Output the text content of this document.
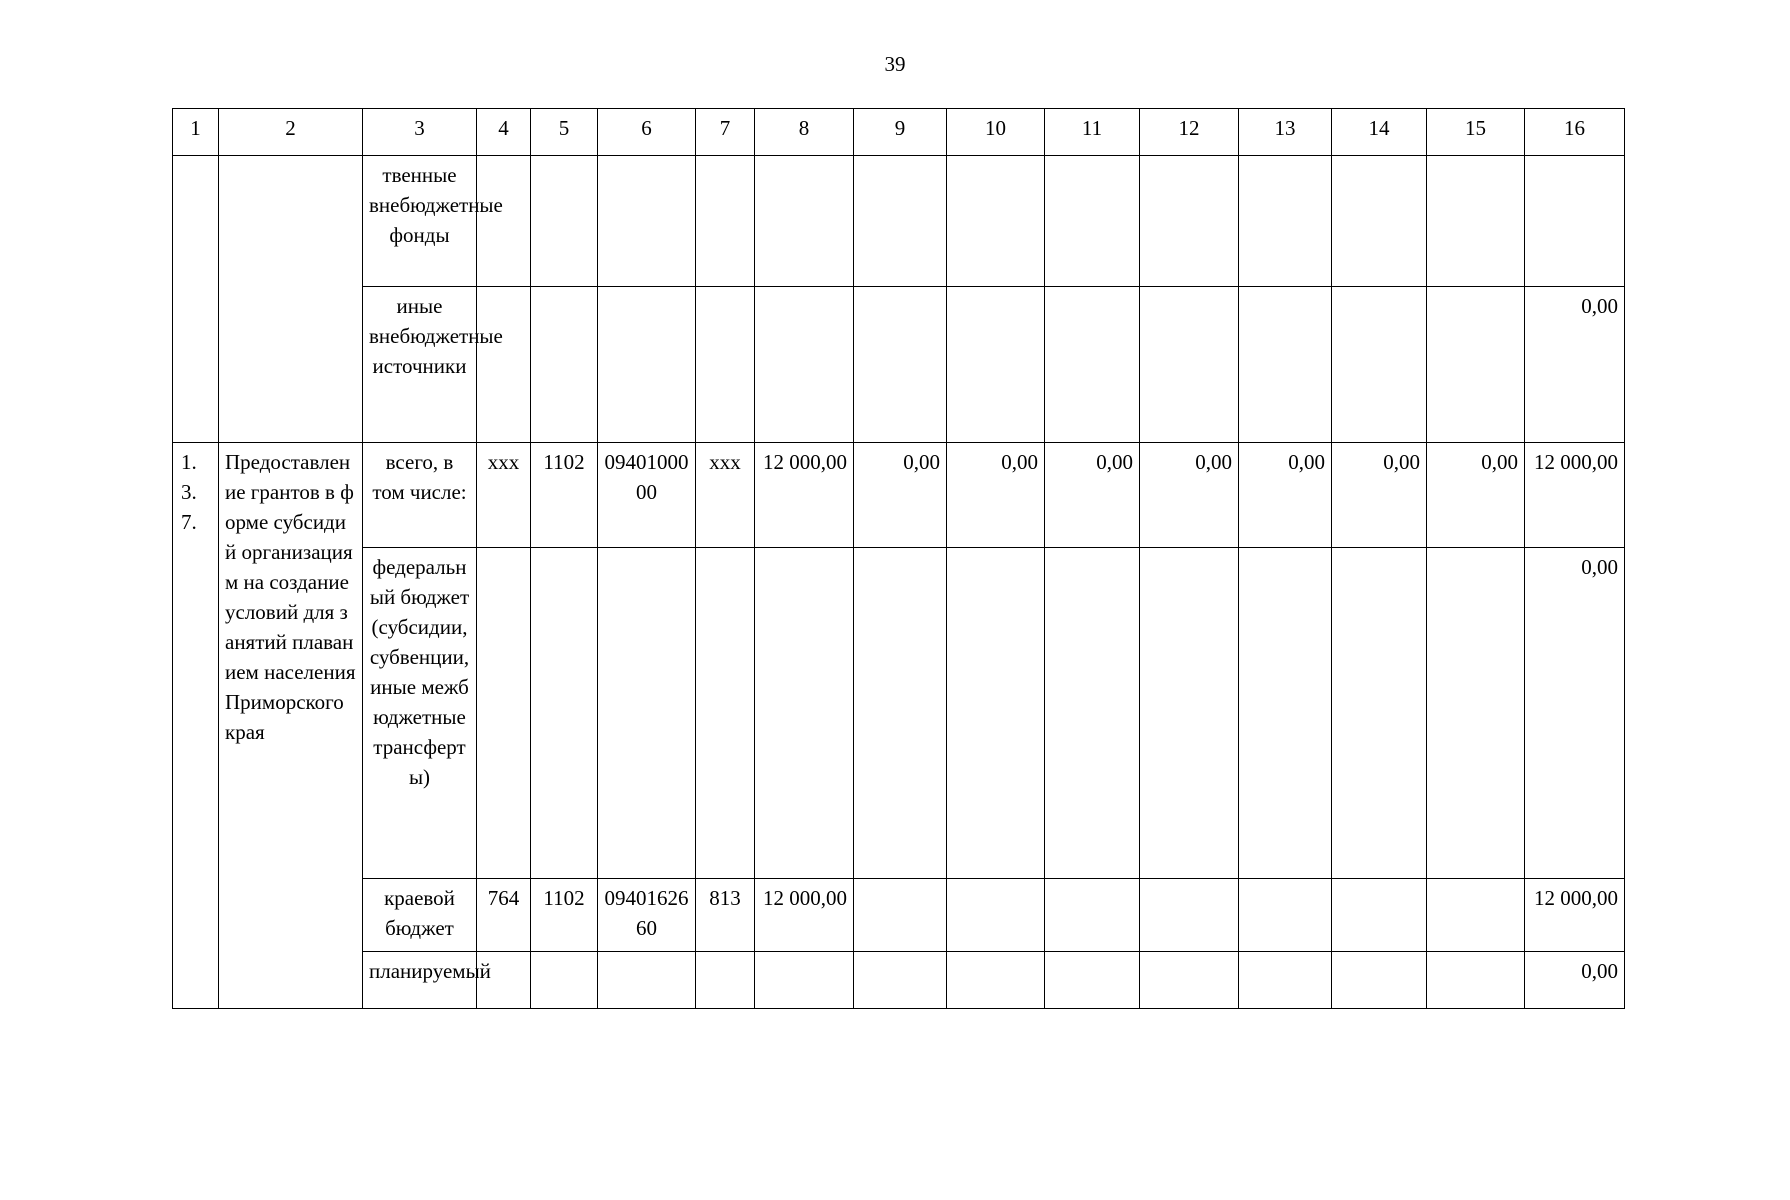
39
1	2	3	4	5	6	7	8	9	10	11	12	13	14	15	16
		твенные внебюджетные фонды													
		иные внебюджетные источники													0,00
1.3.7.	Предоставление грантов в форме субсидий организациям на создание условий для занятий плаванием населения Приморского края	всего, в том числе:	xxx	1102	0940100000	xxx	12 000,00	0,00	0,00	0,00	0,00	0,00	0,00	0,00	12 000,00
		федеральный бюджет (субсидии, субвенции, иные межбюджетные трансферты)													0,00
		краевой бюджет	764	1102	0940162660	813	12 000,00								12 000,00
		планируемый													0,00
